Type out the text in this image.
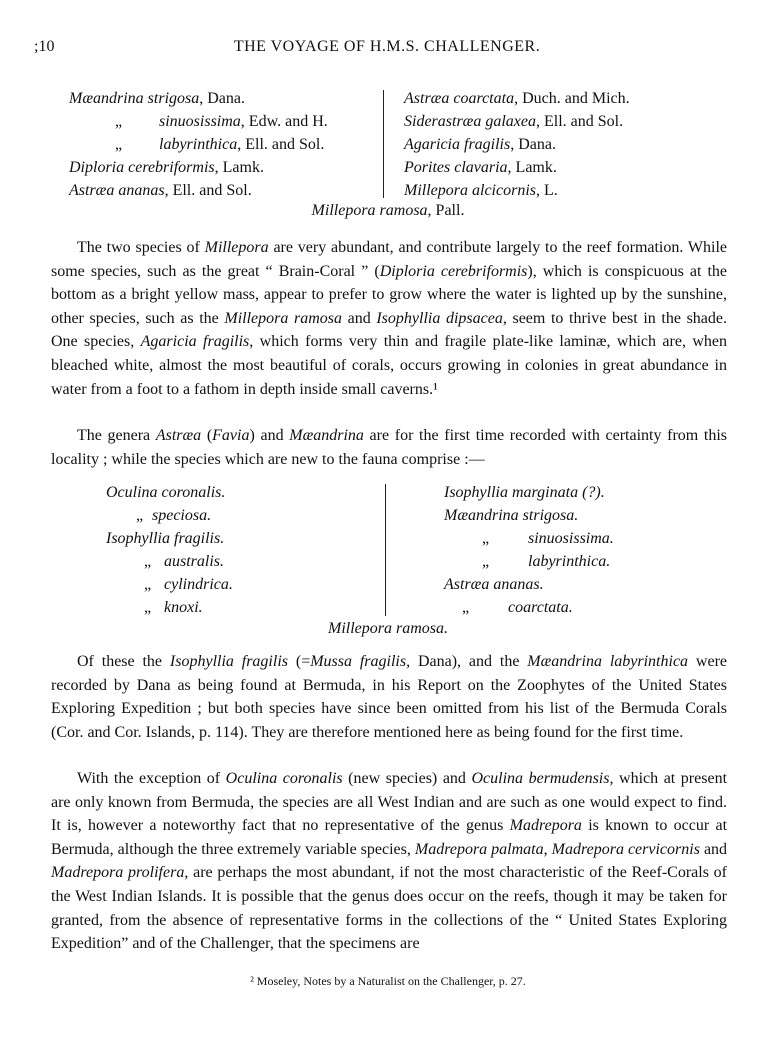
;10	THE VOYAGE OF H.M.S. CHALLENGER.
Mæandrina strigosa, Dana.
„ sinuosissima, Edw. and H.
„ labyrinthica, Ell. and Sol.
Diploria cerebriformis, Lamk.
Astræa ananas, Ell. and Sol.
Astræa coarctata, Duch. and Mich.
Siderastræa galaxea, Ell. and Sol.
Agaricia fragilis, Dana.
Porites clavaria, Lamk.
Millepora alcicornis, L.
Millepora ramosa, Pall.
The two species of Millepora are very abundant, and contribute largely to the reef formation. While some species, such as the great “ Brain-Coral ” (Diploria cerebriformis), which is conspicuous at the bottom as a bright yellow mass, appear to prefer to grow where the water is lighted up by the sunshine, other species, such as the Millepora ramosa and Isophyllia dipsacea, seem to thrive best in the shade. One species, Agaricia fragilis, which forms very thin and fragile plate-like laminæ, which are, when bleached white, almost the most beautiful of corals, occurs growing in colonies in great abundance in water from a foot to a fathom in depth inside small caverns.¹
The genera Astræa (Favia) and Mæandrina are for the first time recorded with certainty from this locality ; while the species which are new to the fauna comprise :—
Oculina coronalis.
„ speciosa.
Isophyllia fragilis.
„ australis.
„ cylindrica.
„ knoxi.
Isophyllia marginata (?).
Mæandrina strigosa.
„ sinuosissima.
„ labyrinthica.
Astræa ananas.
„ coarctata.
Millepora ramosa.
Of these the Isophyllia fragilis (=Mussa fragilis, Dana), and the Mæandrina labyrinthica were recorded by Dana as being found at Bermuda, in his Report on the Zoophytes of the United States Exploring Expedition ; but both species have since been omitted from his list of the Bermuda Corals (Cor. and Cor. Islands, p. 114). They are therefore mentioned here as being found for the first time.
With the exception of Oculina coronalis (new species) and Oculina bermudensis, which at present are only known from Bermuda, the species are all West Indian and are such as one would expect to find. It is, however a noteworthy fact that no representative of the genus Madrepora is known to occur at Bermuda, although the three extremely variable species, Madrepora palmata, Madrepora cervicornis and Madrepora prolifera, are perhaps the most abundant, if not the most characteristic of the Reef-Corals of the West Indian Islands. It is possible that the genus does occur on the reefs, though it may be taken for granted, from the absence of representative forms in the collections of the “ United States Exploring Expedition” and of the Challenger, that the specimens are
² Moseley, Notes by a Naturalist on the Challenger, p. 27.
